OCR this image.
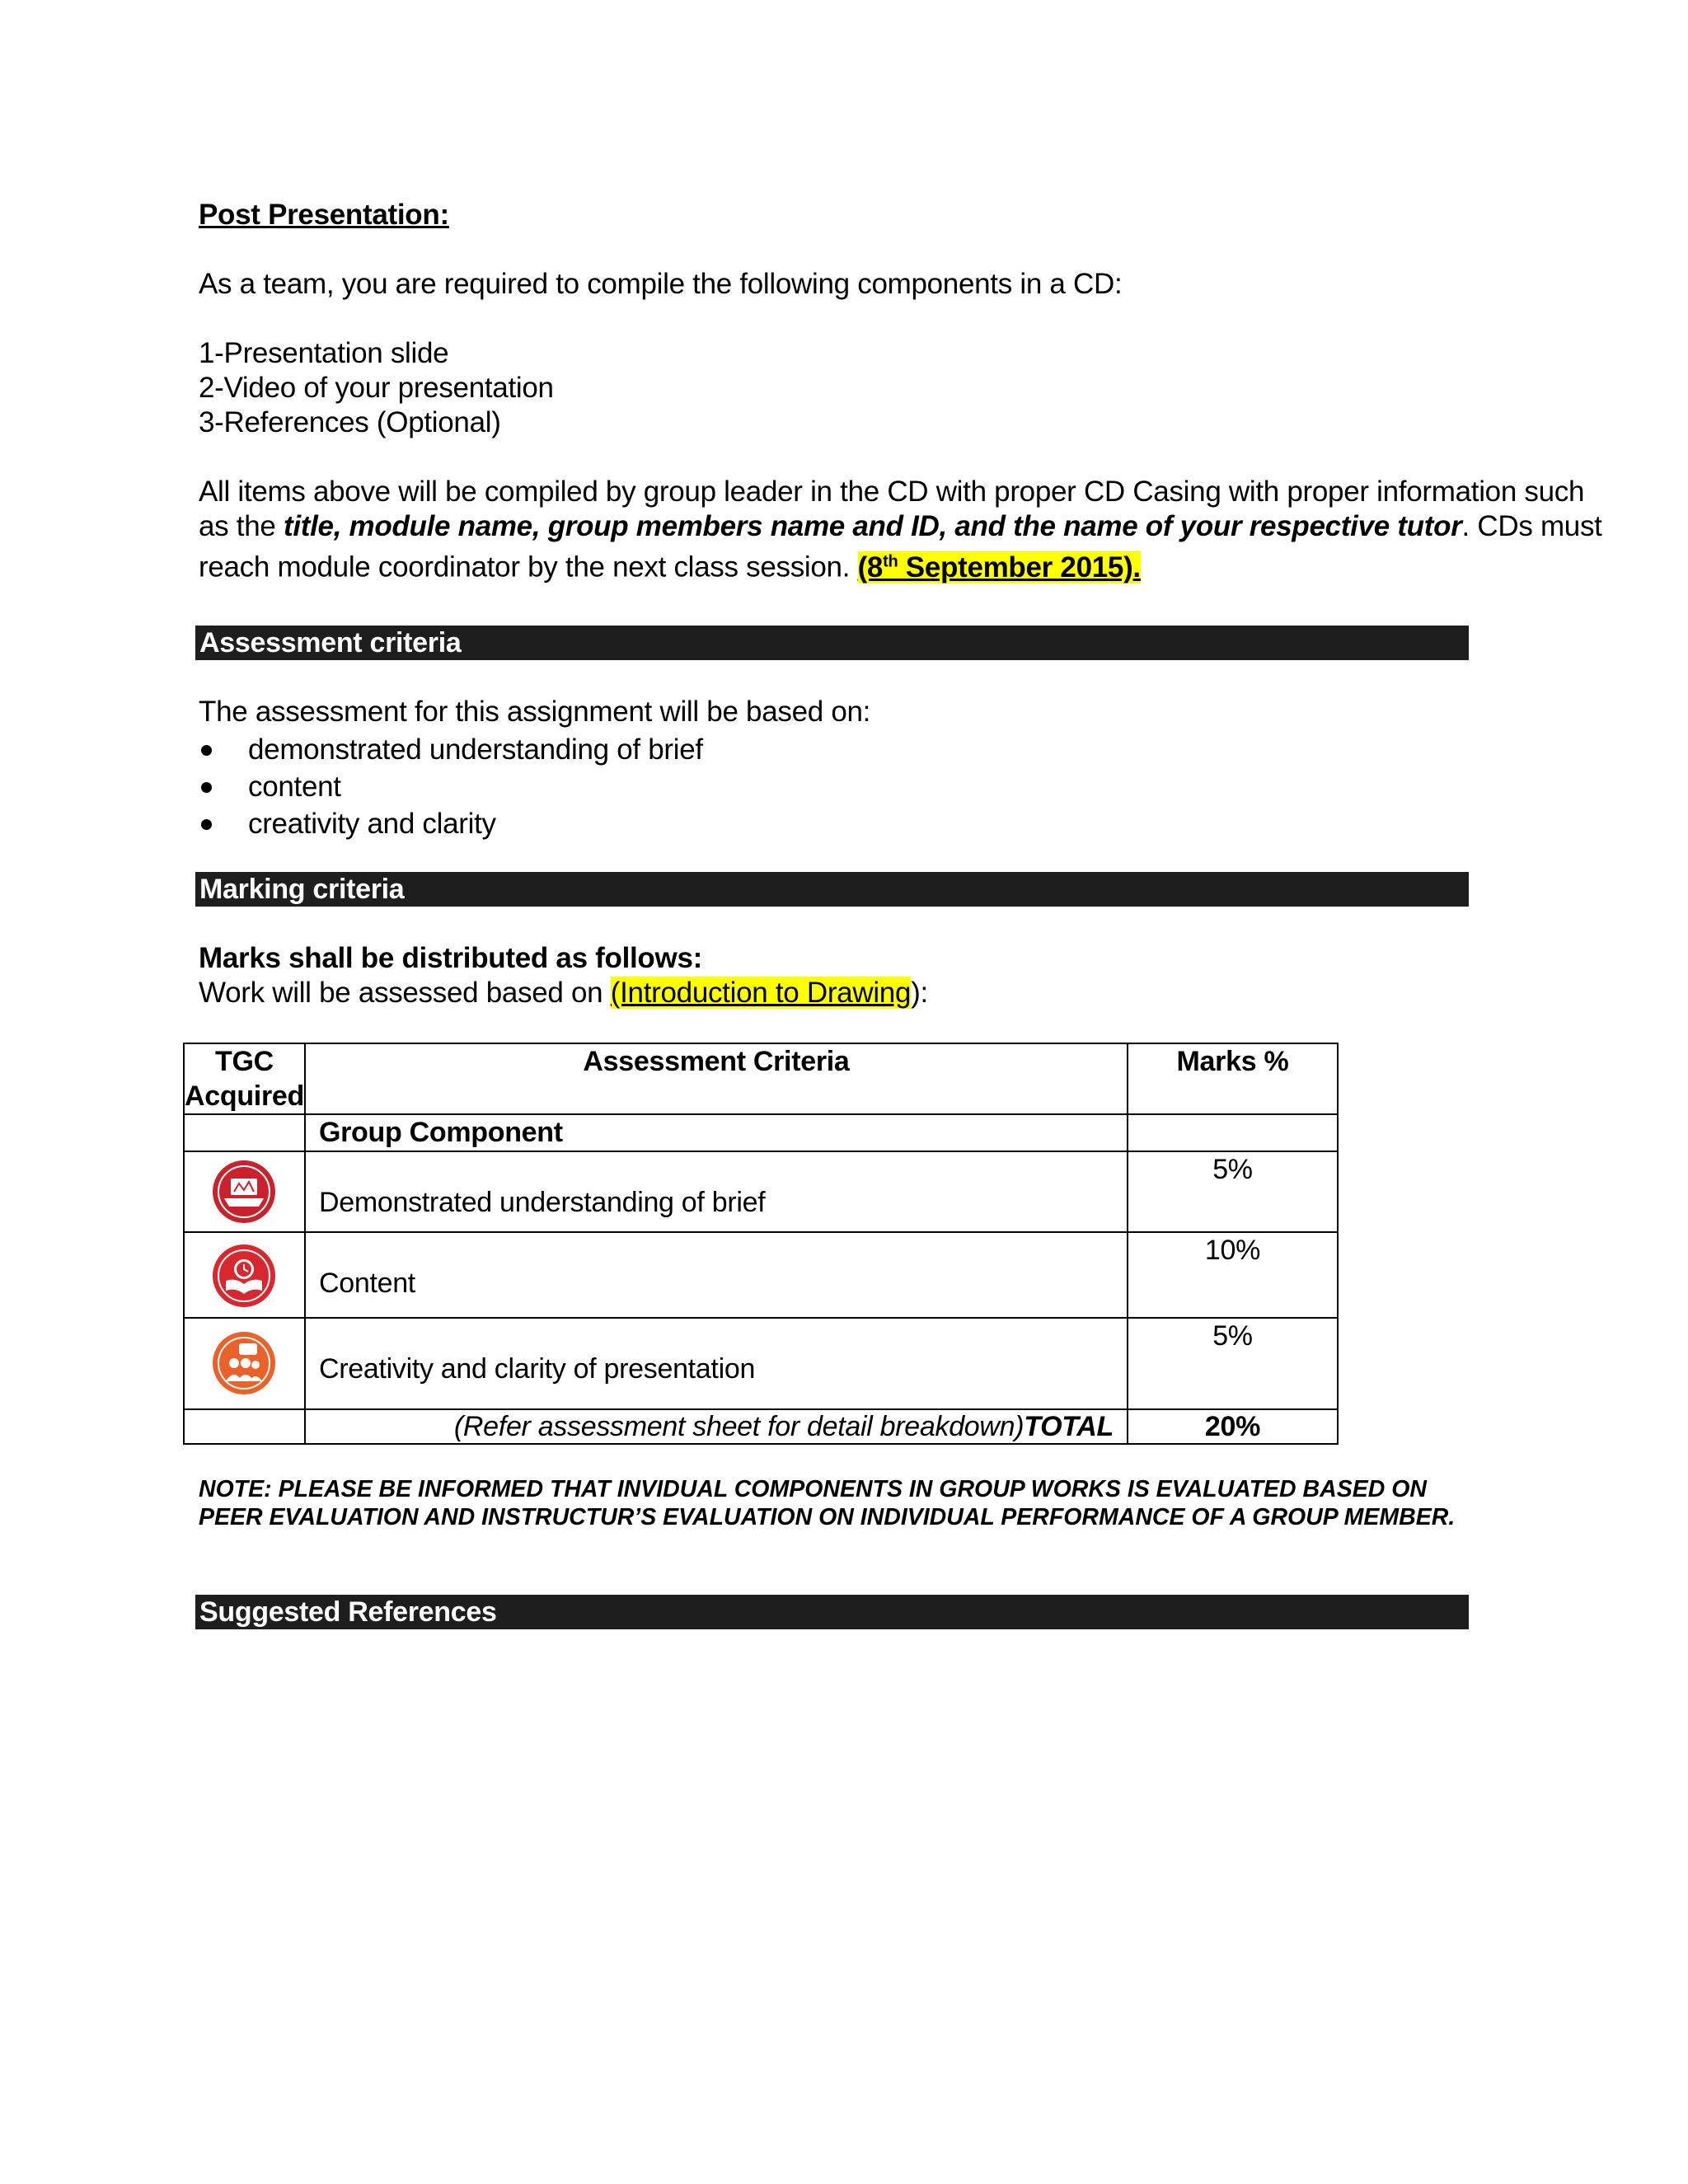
Post Presentation:
As a team, you are required to compile the following components in a CD:
1-Presentation slide
2-Video of your presentation
3-References (Optional)
All items above will be compiled by group leader in the CD with proper CD Casing with proper information such
as the title, module name, group members name and ID, and the name of your respective tutor. CDs must
reach module coordinator by the next class session. (8th September 2015).
Assessment criteria
The assessment for this assignment will be based on:
demonstrated understanding of brief
content
creativity and clarity
Marking criteria
Marks shall be distributed as follows:
Work will be assessed based on (Introduction to Drawing):
TGC
Acquired	Assessment Criteria	Marks %
	Group Component	

	Demonstrated understanding of brief	5%

	Content	10%

	Creativity and clarity of presentation	5%
	(Refer assessment sheet for detail breakdown)TOTAL	20%
NOTE: PLEASE BE INFORMED THAT INVIDUAL COMPONENTS IN GROUP WORKS IS EVALUATED BASED ON PEER EVALUATION AND INSTRUCTUR’S EVALUATION ON INDIVIDUAL PERFORMANCE OF A GROUP MEMBER.
Suggested References
